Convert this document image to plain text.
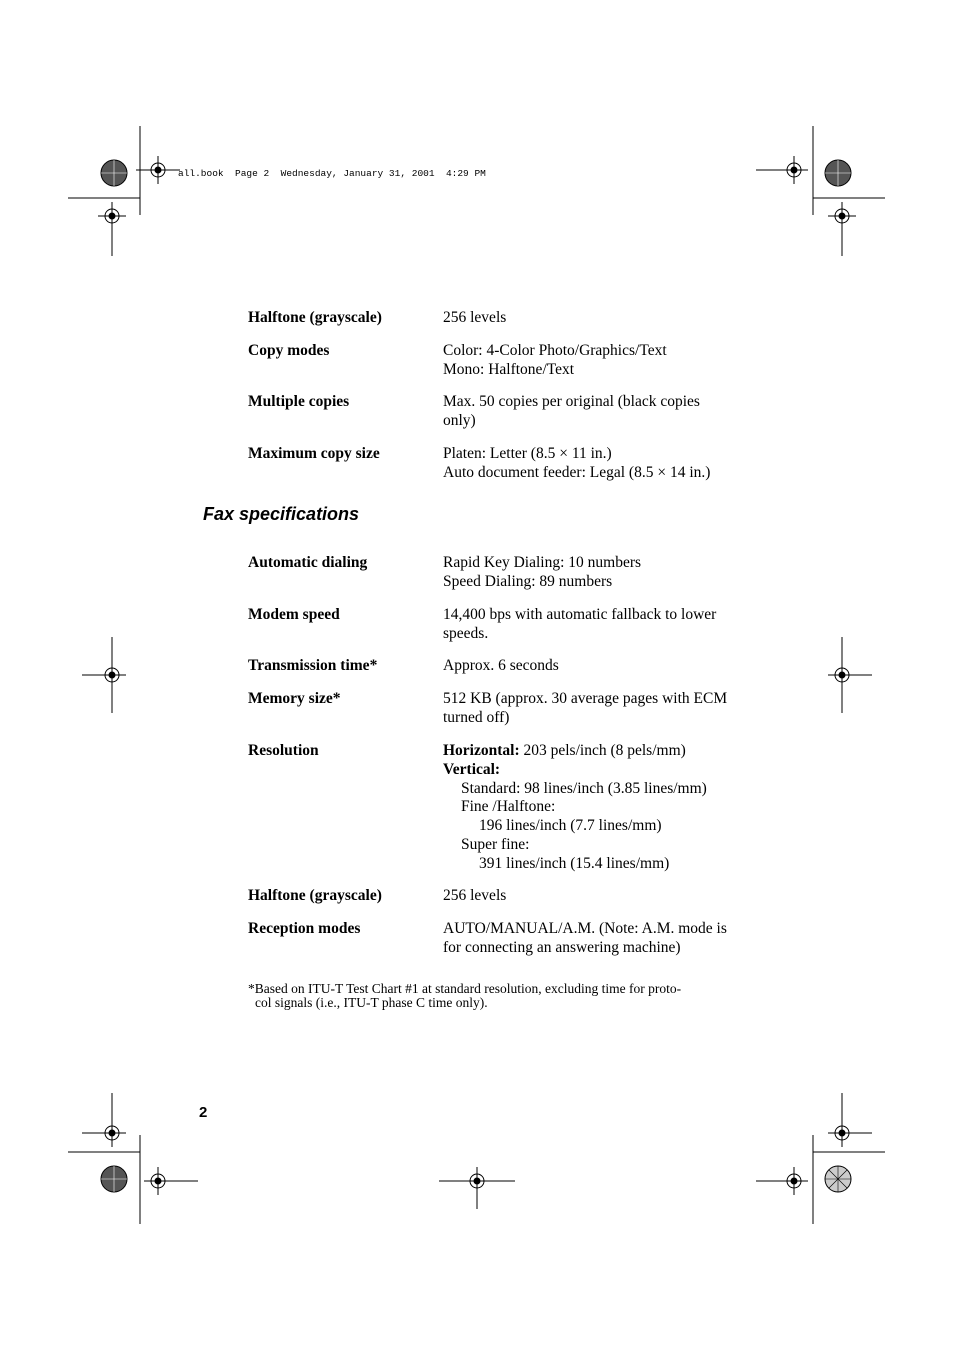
all.book  Page 2  Wednesday, January 31, 2001  4:29 PM
Halftone (grayscale)	256 levels
Copy modes	Color: 4-Color Photo/Graphics/Text
Mono: Halftone/Text
Multiple copies	Max. 50 copies per original (black copies
only)
Maximum copy size	Platen: Letter (8.5 × 11 in.)
Auto document feeder: Legal (8.5 × 14 in.)
Fax specifications
Automatic dialing	Rapid Key Dialing: 10 numbers
Speed Dialing: 89 numbers
Modem speed	14,400 bps with automatic fallback to lower
speeds.
Transmission time*	Approx. 6 seconds
Memory size*	512 KB (approx. 30 average pages with ECM
turned off)
Resolution	Horizontal: 203 pels/inch (8 pels/mm)
Vertical:
Standard: 98 lines/inch (3.85 lines/mm)
Fine /Halftone:
196 lines/inch (7.7 lines/mm)
Super fine:
391 lines/inch (15.4 lines/mm)
Halftone (grayscale)	256 levels
Reception modes	AUTO/MANUAL/A.M. (Note: A.M. mode is
for connecting an answering machine)
*Based on ITU-T Test Chart #1 at standard resolution, excluding time for proto-
col signals (i.e., ITU-T phase C time only).
2
